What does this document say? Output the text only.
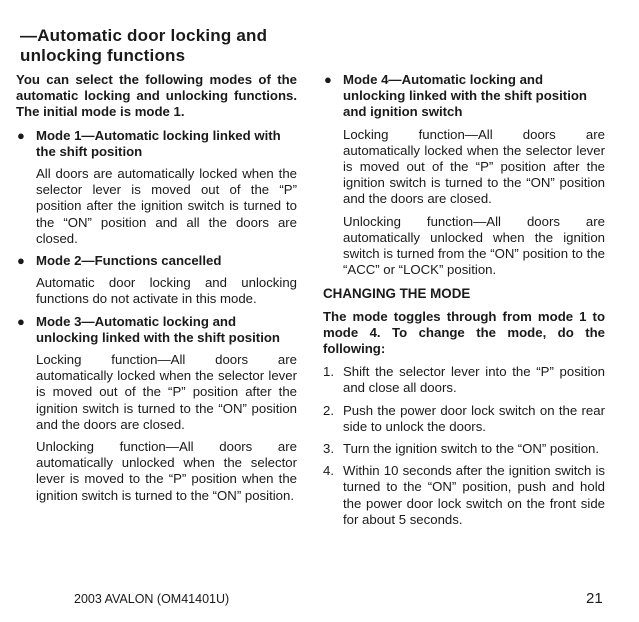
—Automatic door locking and unlocking functions

You can select the following modes of the automatic locking and unlocking functions. The initial mode is mode 1.

● Mode 1—Automatic locking linked with the shift position

All doors are automatically locked when the selector lever is moved out of the “P” position after the ignition switch is turned to the “ON” position and all the doors are closed.

● Mode 2—Functions cancelled

Automatic door locking and unlocking functions do not activate in this mode.

● Mode 3—Automatic locking and unlocking linked with the shift position

Locking function—All doors are automatically locked when the selector lever is moved out of the “P” position after the ignition switch is turned to the “ON” position and the doors are closed.

Unlocking function—All doors are automatically unlocked when the selector lever is moved to the “P” position when the ignition switch is turned to the “ON” position.

● Mode 4—Automatic locking and unlocking linked with the shift position and ignition switch

Locking function—All doors are automatically locked when the selector lever is moved out of the “P” position after the ignition switch is turned to the “ON” position and the doors are closed.

Unlocking function—All doors are automatically unlocked when the ignition switch is turned from the “ON” position to the “ACC” or “LOCK” position.

CHANGING THE MODE

The mode toggles through from mode 1 to mode 4. To change the mode, do the following:

1. Shift the selector lever into the “P” position and close all doors.
2. Push the power door lock switch on the rear side to unlock the doors.
3. Turn the ignition switch to the “ON” position.
4. Within 10 seconds after the ignition switch is turned to the “ON” position, push and hold the power door lock switch on the front side for about 5 seconds.
2003 AVALON (OM41401U)	21
